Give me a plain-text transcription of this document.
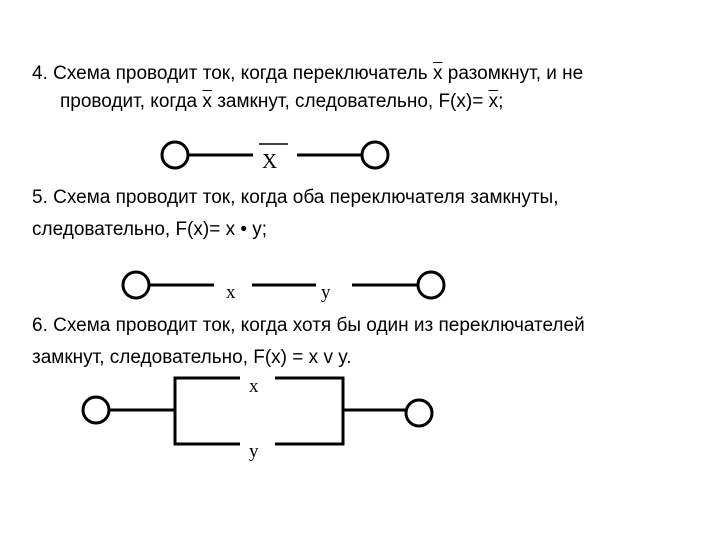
4. Схема проводит ток, когда переключатель $\overline{x}$ разомкнут, и не
проводит, когда $\overline{x}$ замкнут, следовательно, $F(x)= \overline{x}$;
5. Схема проводит ток, когда оба переключателя замкнуты,
следовательно, F(x)= x • y;
6. Схема проводит ток, когда хотя бы один из переключателей
замкнут, следовательно, F(x) = x v y.
X
x	y
x
y
